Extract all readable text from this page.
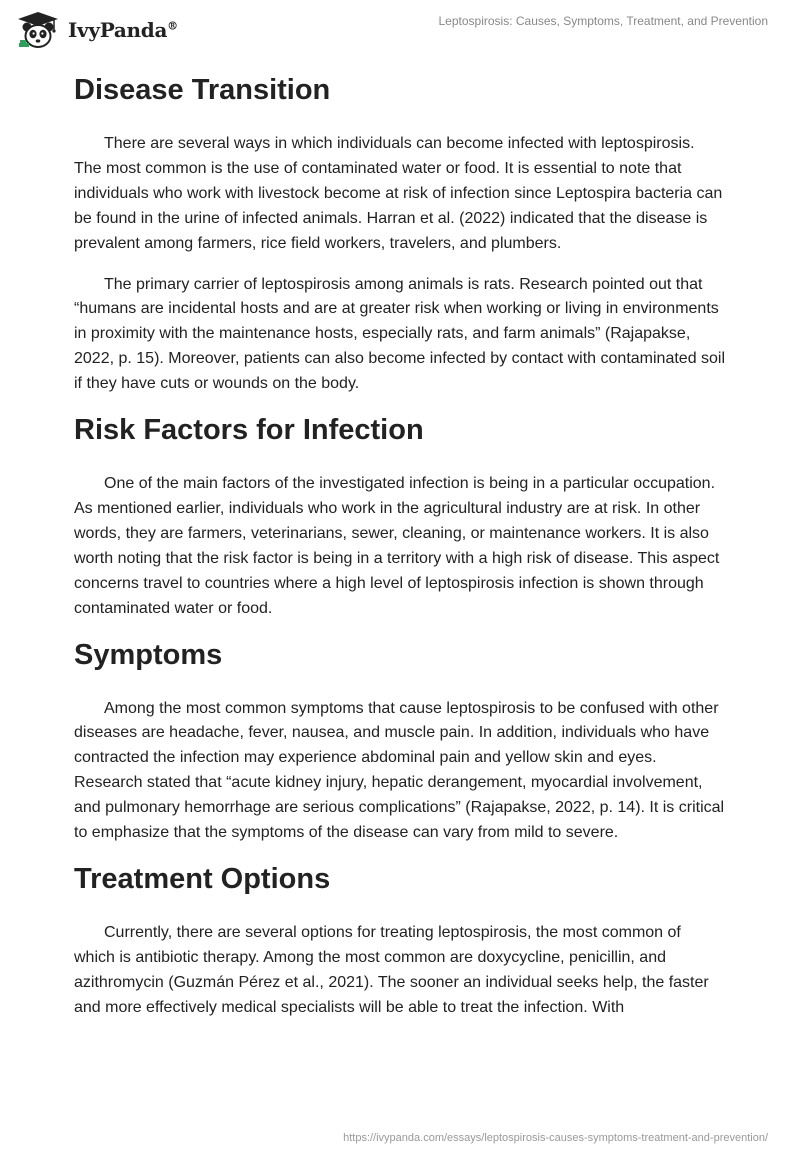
IvyPanda®	Leptospirosis: Causes, Symptoms, Treatment, and Prevention
Disease Transition

There are several ways in which individuals can become infected with leptospirosis. The most common is the use of contaminated water or food. It is essential to note that individuals who work with livestock become at risk of infection since Leptospira bacteria can be found in the urine of infected animals. Harran et al. (2022) indicated that the disease is prevalent among farmers, rice field workers, travelers, and plumbers.

The primary carrier of leptospirosis among animals is rats. Research pointed out that “humans are incidental hosts and are at greater risk when working or living in environments in proximity with the maintenance hosts, especially rats, and farm animals” (Rajapakse, 2022, p. 15). Moreover, patients can also become infected by contact with contaminated soil if they have cuts or wounds on the body.

Risk Factors for Infection

One of the main factors of the investigated infection is being in a particular occupation. As mentioned earlier, individuals who work in the agricultural industry are at risk. In other words, they are farmers, veterinarians, sewer, cleaning, or maintenance workers. It is also worth noting that the risk factor is being in a territory with a high risk of disease. This aspect concerns travel to countries where a high level of leptospirosis infection is shown through contaminated water or food.

Symptoms

Among the most common symptoms that cause leptospirosis to be confused with other diseases are headache, fever, nausea, and muscle pain. In addition, individuals who have contracted the infection may experience abdominal pain and yellow skin and eyes. Research stated that “acute kidney injury, hepatic derangement, myocardial involvement, and pulmonary hemorrhage are serious complications” (Rajapakse, 2022, p. 14). It is critical to emphasize that the symptoms of the disease can vary from mild to severe.

Treatment Options

Currently, there are several options for treating leptospirosis, the most common of which is antibiotic therapy. Among the most common are doxycycline, penicillin, and azithromycin (Guzmán Pérez et al., 2021). The sooner an individual seeks help, the faster and more effectively medical specialists will be able to treat the infection. With

https://ivypanda.com/essays/leptospirosis-causes-symptoms-treatment-and-prevention/
